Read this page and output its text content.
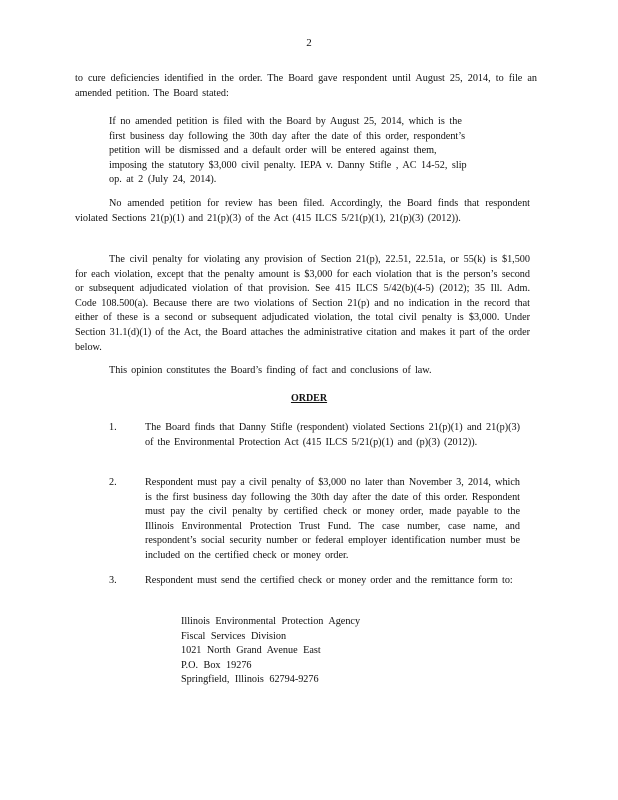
2
to cure deficiencies identified in the order. The Board gave respondent until August 25, 2014, to file an amended petition. The Board stated:
If no amended petition is filed with the Board by August 25, 2014, which is the
first business day following the 30th day after the date of this order, respondent’s
petition will be dismissed and a default order will be entered against them,
imposing the statutory $3,000 civil penalty. IEPA v. Danny Stifle , AC 14-52, slip
op. at 2 (July 24, 2014).
No amended petition for review has been filed. Accordingly, the Board finds that respondent violated Sections 21(p)(1) and 21(p)(3) of the Act (415 ILCS 5/21(p)(1), 21(p)(3) (2012)).
The civil penalty for violating any provision of Section 21(p), 22.51, 22.51a, or 55(k) is $1,500 for each violation, except that the penalty amount is $3,000 for each violation that is the person’s second or subsequent adjudicated violation of that provision. See 415 ILCS 5/42(b)(4-5) (2012); 35 Ill. Adm. Code 108.500(a). Because there are two violations of Section 21(p) and no indication in the record that either of these is a second or subsequent adjudicated violation, the total civil penalty is $3,000. Under Section 31.1(d)(1) of the Act, the Board attaches the administrative citation and makes it part of the order below.
This opinion constitutes the Board’s finding of fact and conclusions of law.
ORDER
1.	The Board finds that Danny Stifle (respondent) violated Sections 21(p)(1) and 21(p)(3) of the Environmental Protection Act (415 ILCS 5/21(p)(1) and (p)(3) (2012)).
2.	Respondent must pay a civil penalty of $3,000 no later than November 3, 2014, which is the first business day following the 30th day after the date of this order. Respondent must pay the civil penalty by certified check or money order, made payable to the Illinois Environmental Protection Trust Fund. The case number, case name, and respondent’s social security number or federal employer identification number must be included on the certified check or money order.
3.	Respondent must send the certified check or money order and the remittance form to:
Illinois Environmental Protection Agency
Fiscal Services Division
1021 North Grand Avenue East
P.O. Box 19276
Springfield, Illinois 62794-9276
